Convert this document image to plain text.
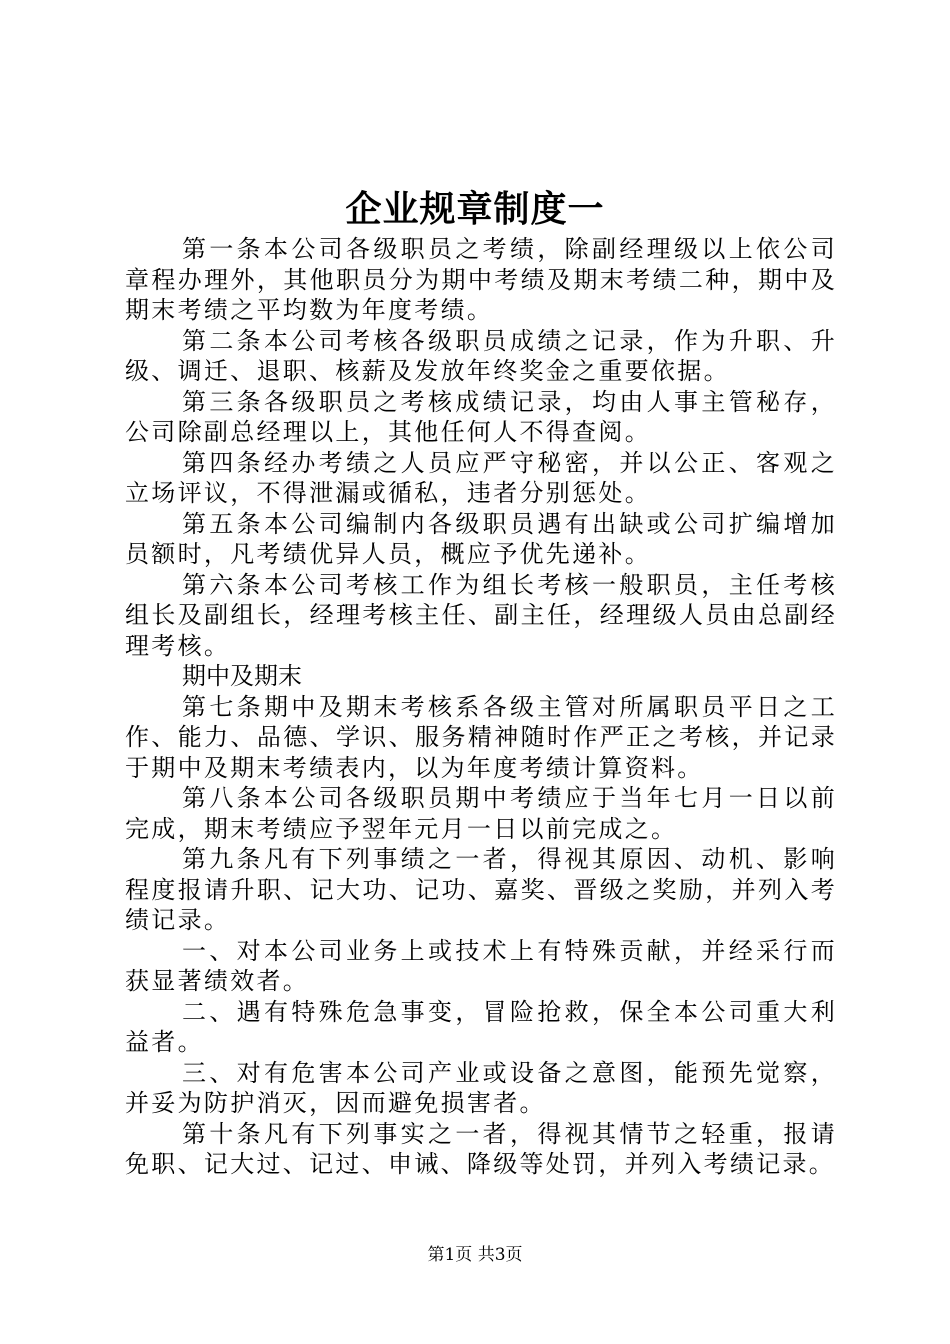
企业规章制度一

第一条本公司各级职员之考绩，除副经理级以上依公司章程办理外，其他职员分为期中考绩及期末考绩二种，期中及期末考绩之平均数为年度考绩。

第二条本公司考核各级职员成绩之记录，作为升职、升级、调迁、退职、核薪及发放年终奖金之重要依据。

第三条各级职员之考核成绩记录，均由人事主管秘存，公司除副总经理以上，其他任何人不得查阅。

第四条经办考绩之人员应严守秘密，并以公正、客观之立场评议，不得泄漏或循私，违者分别惩处。

第五条本公司编制内各级职员遇有出缺或公司扩编增加员额时，凡考绩优异人员，概应予优先递补。

第六条本公司考核工作为组长考核一般职员，主任考核组长及副组长，经理考核主任、副主任，经理级人员由总副经理考核。

期中及期末

第七条期中及期末考核系各级主管对所属职员平日之工作、能力、品德、学识、服务精神随时作严正之考核，并记录于期中及期末考绩表内，以为年度考绩计算资料。

第八条本公司各级职员期中考绩应于当年七月一日以前完成，期末考绩应予翌年元月一日以前完成之。

第九条凡有下列事绩之一者，得视其原因、动机、影响程度报请升职、记大功、记功、嘉奖、晋级之奖励，并列入考绩记录。

一、对本公司业务上或技术上有特殊贡献，并经采行而获显著绩效者。

二、遇有特殊危急事变，冒险抢救，保全本公司重大利益者。

三、对有危害本公司产业或设备之意图，能预先觉察，并妥为防护消灭，因而避免损害者。

第十条凡有下列事实之一者，得视其情节之轻重，报请免职、记大过、记过、申诫、降级等处罚，并列入考绩记录。

第1页 共3页
